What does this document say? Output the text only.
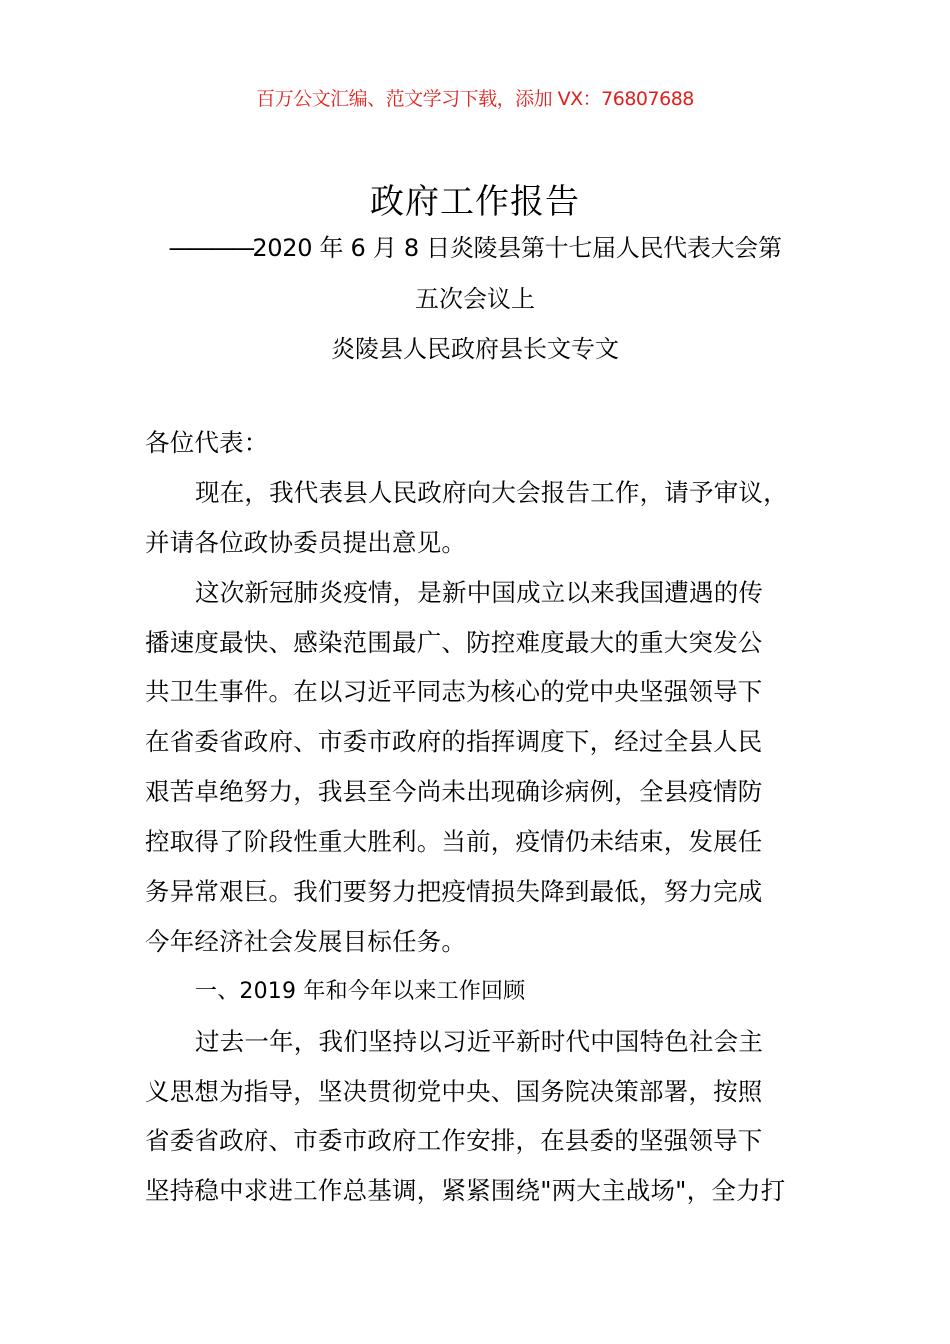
百万公文汇编、范文学习下载，添加 VX：76807688
政府工作报告
————2020 年 6 月 8 日炎陵县第十七届人民代表大会第
五次会议上
炎陵县人民政府县长文专文
各位代表：
现在，我代表县人民政府向大会报告工作，请予审议，
并请各位政协委员提出意见。
这次新冠肺炎疫情，是新中国成立以来我国遭遇的传
播速度最快、感染范围最广、防控难度最大的重大突发公
共卫生事件。在以习近平同志为核心的党中央坚强领导下
在省委省政府、市委市政府的指挥调度下，经过全县人民
艰苦卓绝努力，我县至今尚未出现确诊病例，全县疫情防
控取得了阶段性重大胜利。当前，疫情仍未结束，发展任
务异常艰巨。我们要努力把疫情损失降到最低，努力完成
今年经济社会发展目标任务。
一、2019 年和今年以来工作回顾
过去一年，我们坚持以习近平新时代中国特色社会主
义思想为指导，坚决贯彻党中央、国务院决策部署，按照
省委省政府、市委市政府工作安排，在县委的坚强领导下
坚持稳中求进工作总基调，紧紧围绕"两大主战场"，全力打
